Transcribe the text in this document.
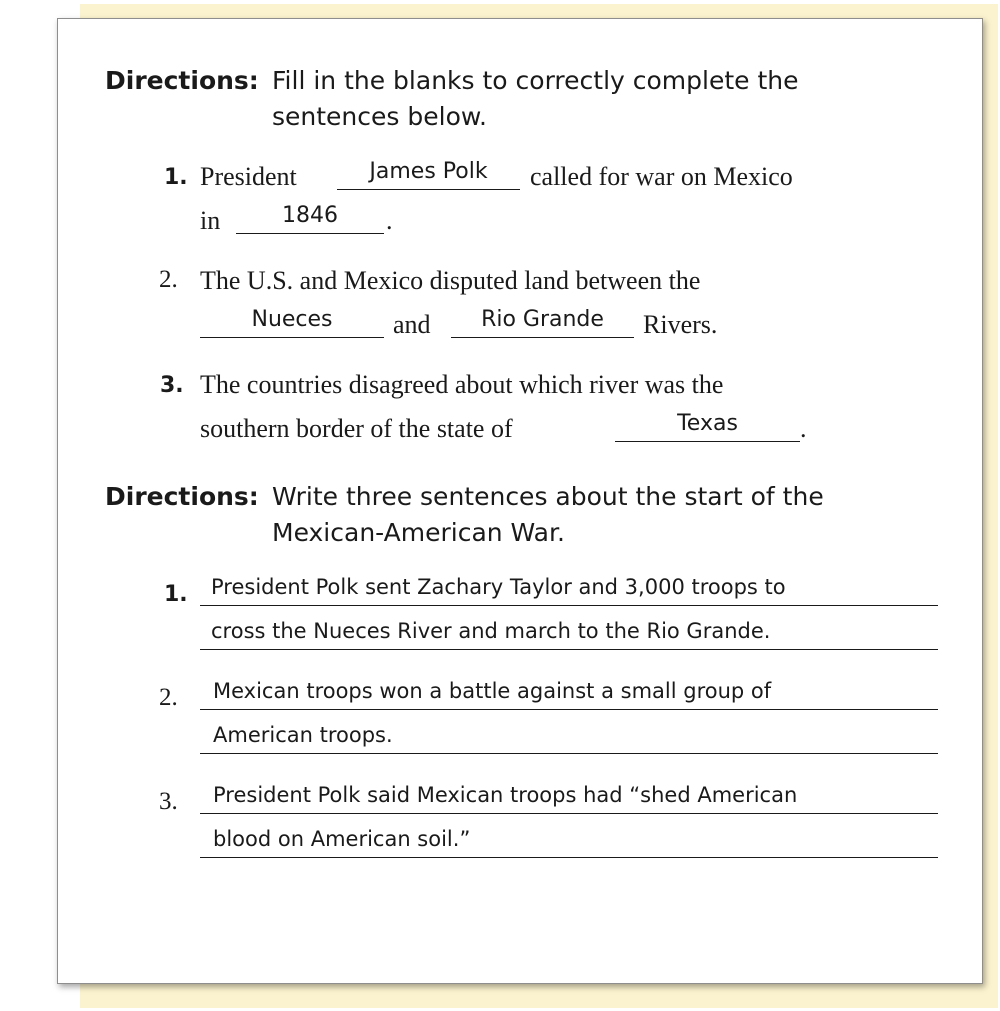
Directions: Fill in the blanks to correctly complete the sentences below.
1. President	James Polk	called for war on Mexico
in	1846	.
2. The U.S. and Mexico disputed land between the
Nueces	and	Rio Grande	Rivers.
3. The countries disagreed about which river was the
southern border of the state of	Texas	.
Directions: Write three sentences about the start of the Mexican-American War.
1.	President Polk sent Zachary Taylor and 3,000 troops to
cross the Nueces River and march to the Rio Grande.
2.	Mexican troops won a battle against a small group of
American troops.
3.	President Polk said Mexican troops had “shed American
blood on American soil.”
